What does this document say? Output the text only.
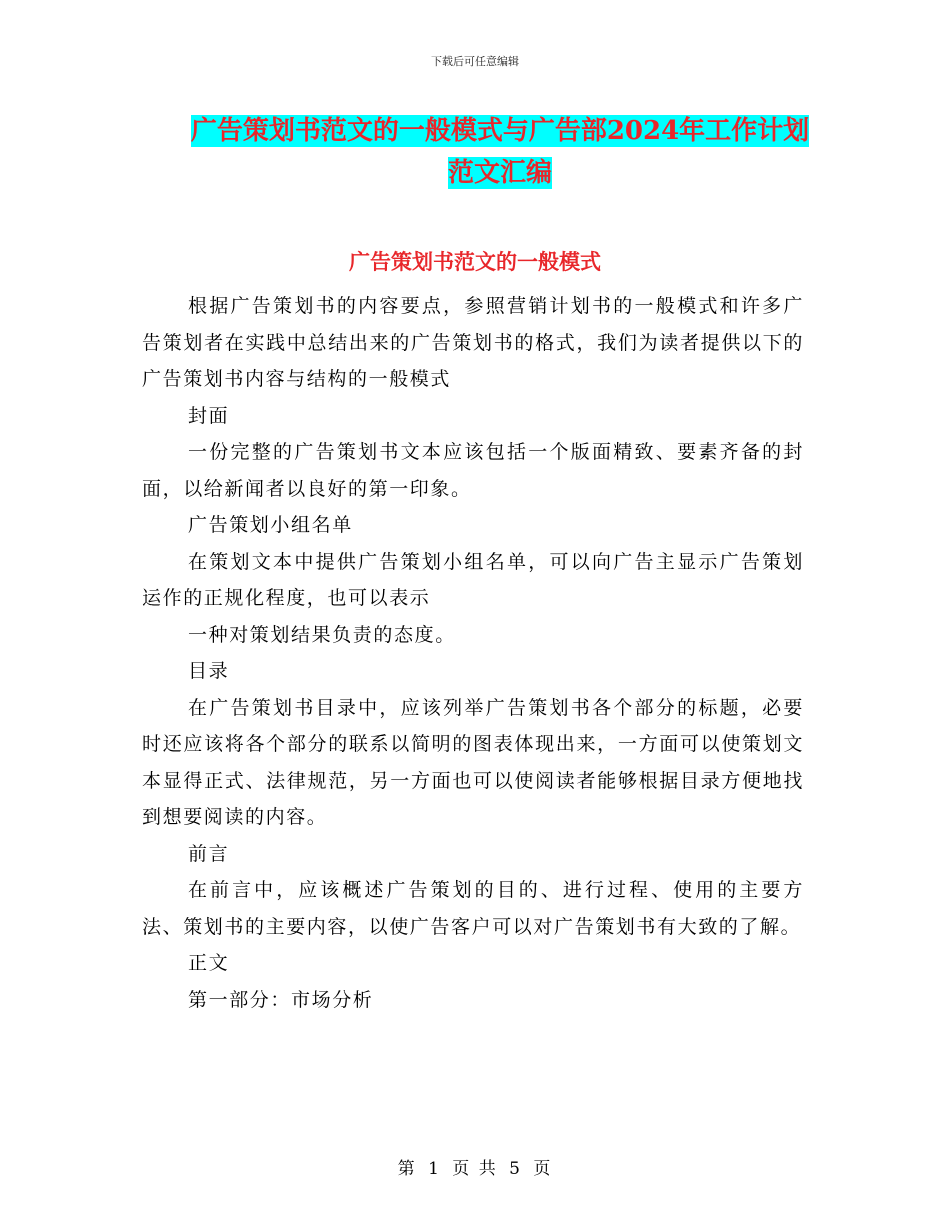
下载后可任意编辑
广告策划书范文的一般模式与广告部2024年工作计划
范文汇编
广告策划书范文的一般模式

根据广告策划书的内容要点，参照营销计划书的一般模式和许多广告策划者在实践中总结出来的广告策划书的格式，我们为读者提供以下的广告策划书内容与结构的一般模式

封面

一份完整的广告策划书文本应该包括一个版面精致、要素齐备的封面，以给新闻者以良好的第一印象。

广告策划小组名单

在策划文本中提供广告策划小组名单，可以向广告主显示广告策划运作的正规化程度，也可以表示

一种对策划结果负责的态度。

目录

在广告策划书目录中，应该列举广告策划书各个部分的标题，必要时还应该将各个部分的联系以简明的图表体现出来，一方面可以使策划文本显得正式、法律规范，另一方面也可以使阅读者能够根据目录方便地找到想要阅读的内容。

前言

在前言中，应该概述广告策划的目的、进行过程、使用的主要方法、策划书的主要内容，以使广告客户可以对广告策划书有大致的了解。

正文

第一部分：市场分析

第 1 页 共 5 页
